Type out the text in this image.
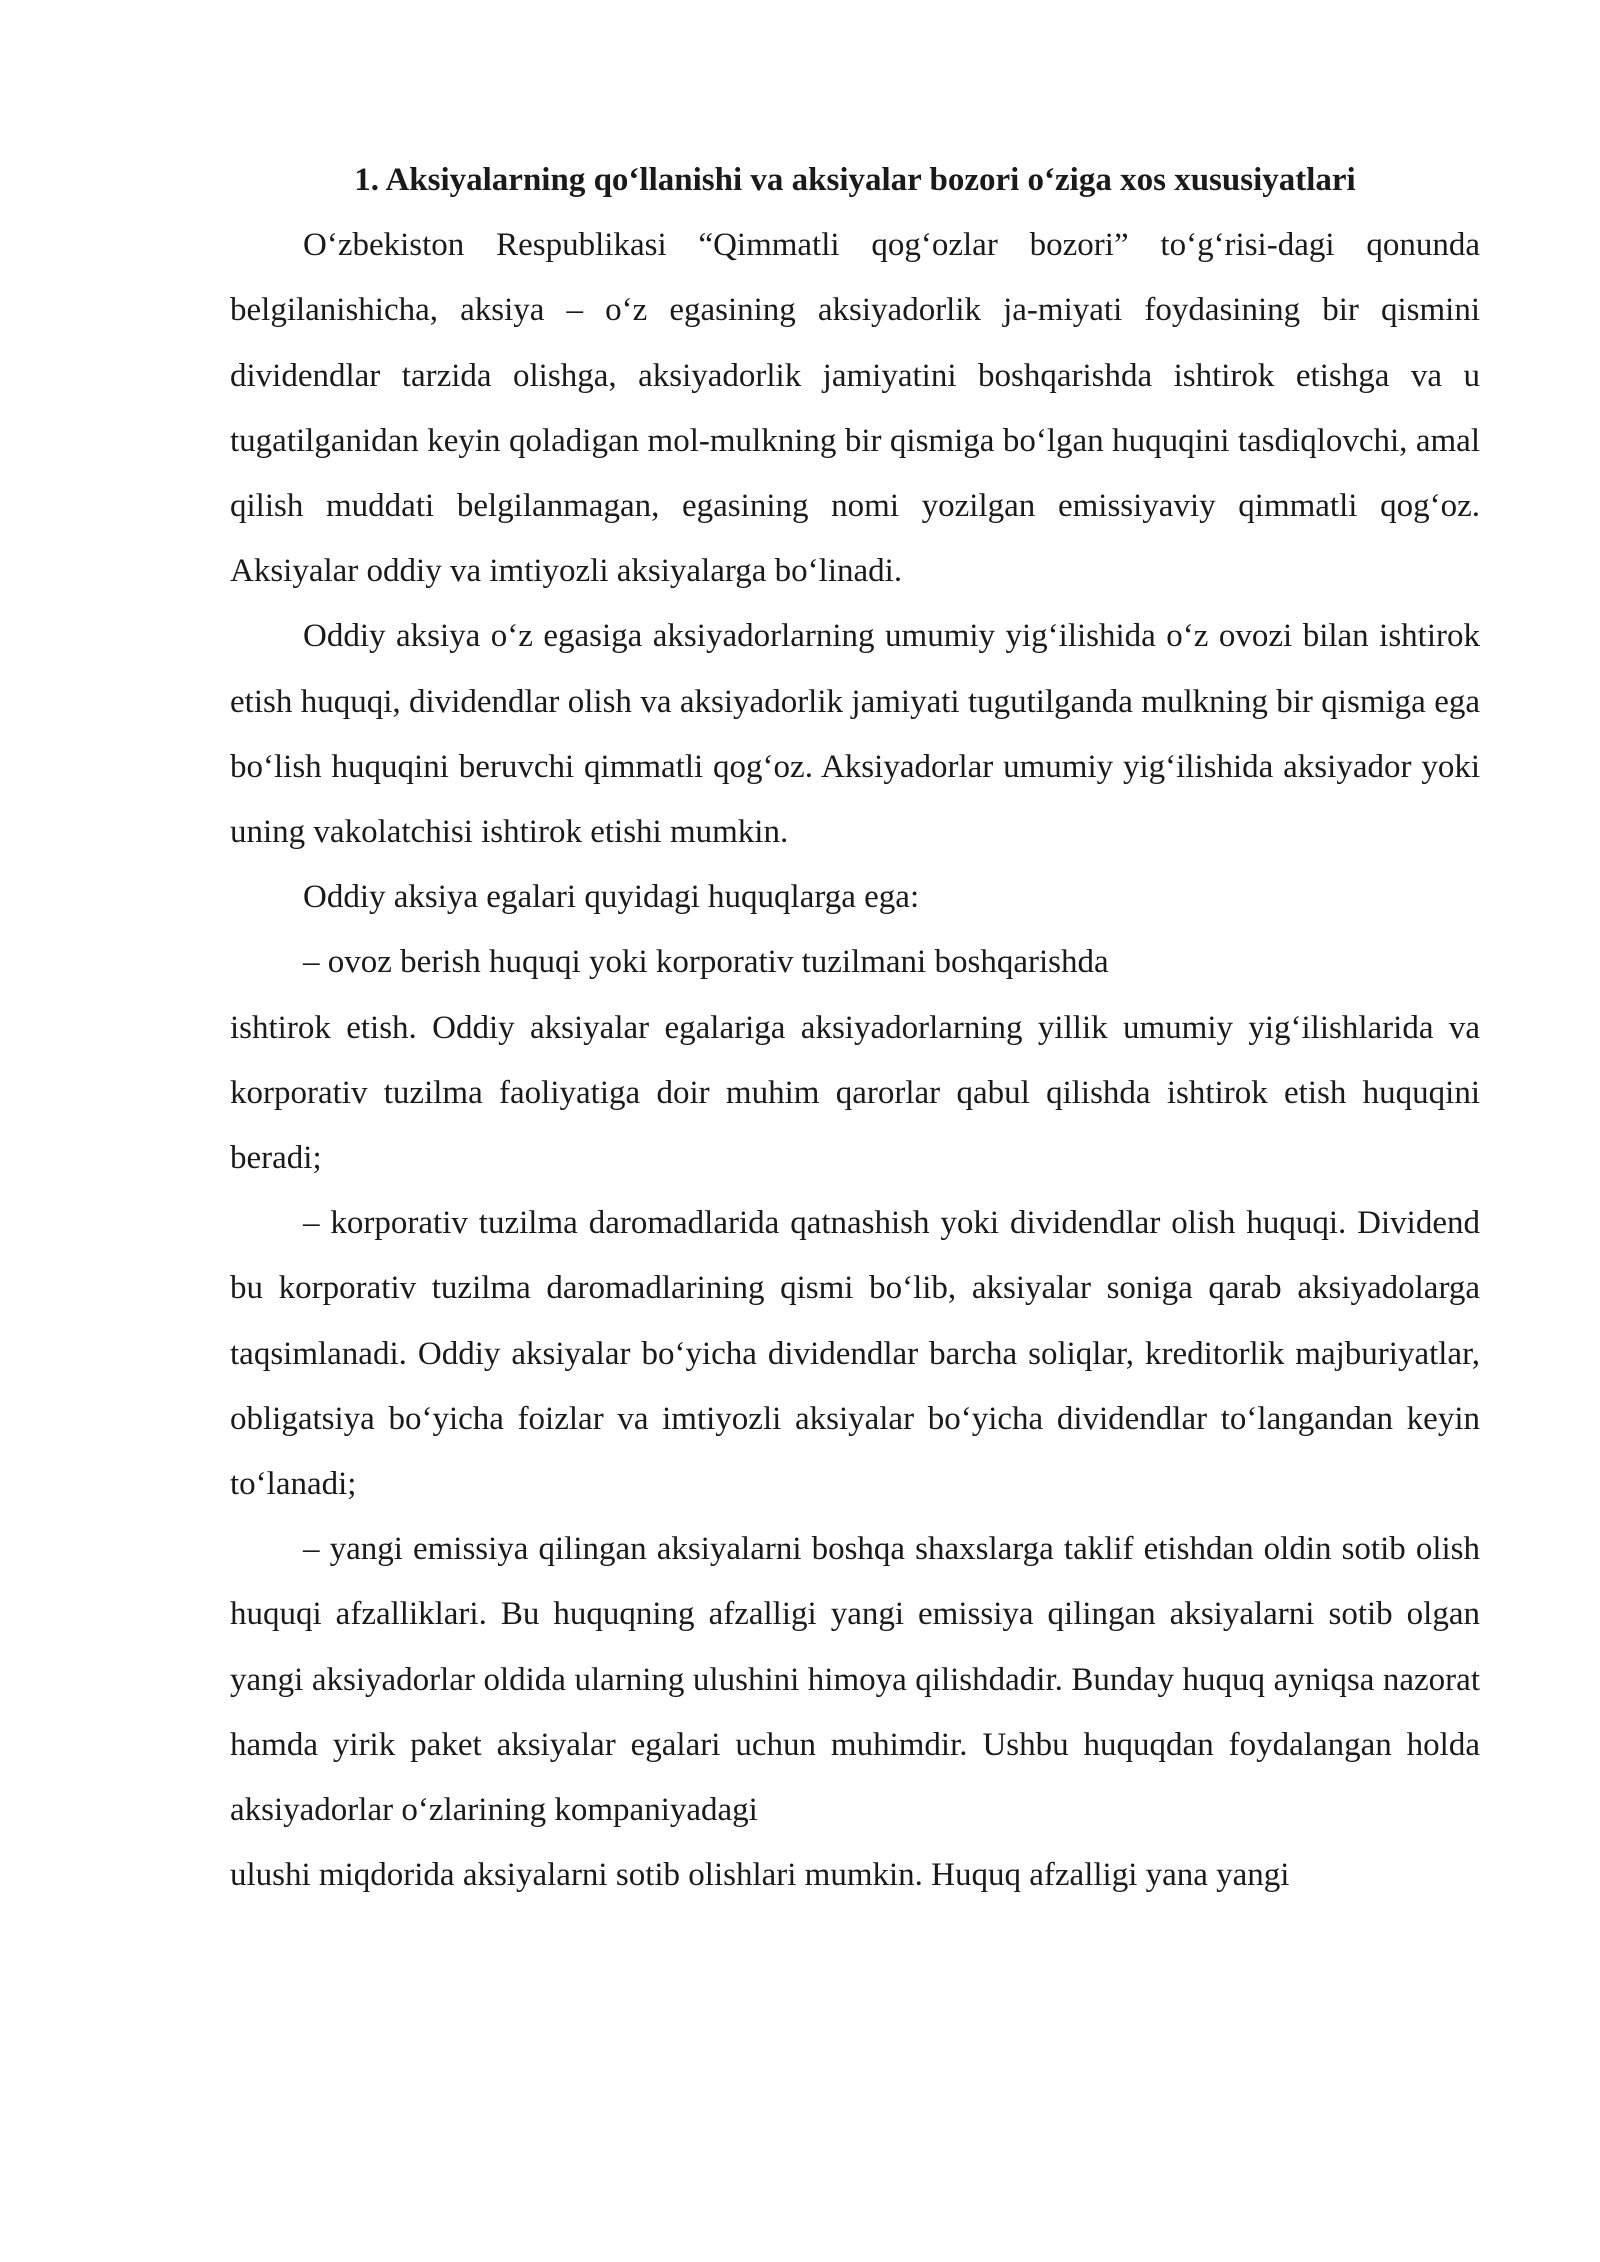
1. Aksiyalarning qo‘llanishi va aksiyalar bozori o‘ziga xos xususiyatlari

O‘zbekiston Respublikasi “Qimmatli qog‘ozlar bozori” to‘g‘risi-dagi qonunda belgilanishicha, aksiya – o‘z egasining aksiyadorlik ja-miyati foydasining bir qismini dividendlar tarzida olishga, aksiyadorlik jamiyatini boshqarishda ishtirok etishga va u tugatilganidan keyin qoladigan mol-mulkning bir qismiga bo‘lgan huquqini tasdiqlovchi, amal qilish muddati belgilanmagan, egasining nomi yozilgan emissiyaviy qimmatli qog‘oz. Aksiyalar oddiy va imtiyozli aksiyalarga bo‘linadi.

Oddiy aksiya o‘z egasiga aksiyadorlarning umumiy yig‘ilishida o‘z ovozi bilan ishtirok etish huquqi, dividendlar olish va aksiyadorlik jamiyati tugutilganda mulkning bir qismiga ega bo‘lish huquqini beruvchi qimmatli qog‘oz. Aksiyadorlar umumiy yig‘ilishida aksiyador yoki uning vakolatchisi ishtirok etishi mumkin.

Oddiy aksiya egalari quyidagi huquqlarga ega:

– ovoz berish huquqi yoki korporativ tuzilmani boshqarishda

ishtirok etish. Oddiy aksiyalar egalariga aksiyadorlarning yillik umumiy yig‘ilishlarida va korporativ tuzilma faoliyatiga doir muhim qarorlar qabul qilishda ishtirok etish huquqini beradi;

– korporativ tuzilma daromadlarida qatnashish yoki dividendlar olish huquqi. Dividend bu korporativ tuzilma daromadlarining qismi bo‘lib, aksiyalar soniga qarab aksiyadolarga taqsimlanadi. Oddiy aksiyalar bo‘yicha dividendlar barcha soliqlar, kreditorlik majburiyatlar, obligatsiya bo‘yicha foizlar va imtiyozli aksiyalar bo‘yicha dividendlar to‘langandan keyin to‘lanadi;

– yangi emissiya qilingan aksiyalarni boshqa shaxslarga taklif etishdan oldin sotib olish huquqi afzalliklari. Bu huquqning afzalligi yangi emissiya qilingan aksiyalarni sotib olgan yangi aksiyadorlar oldida ularning ulushini himoya qilishdadir. Bunday huquq ayniqsa nazorat hamda yirik paket aksiyalar egalari uchun muhimdir. Ushbu huquqdan foydalangan holda aksiyadorlar o‘zlarining kompaniyadagi

ulushi miqdorida aksiyalarni sotib olishlari mumkin. Huquq afzalligi yana yangi
